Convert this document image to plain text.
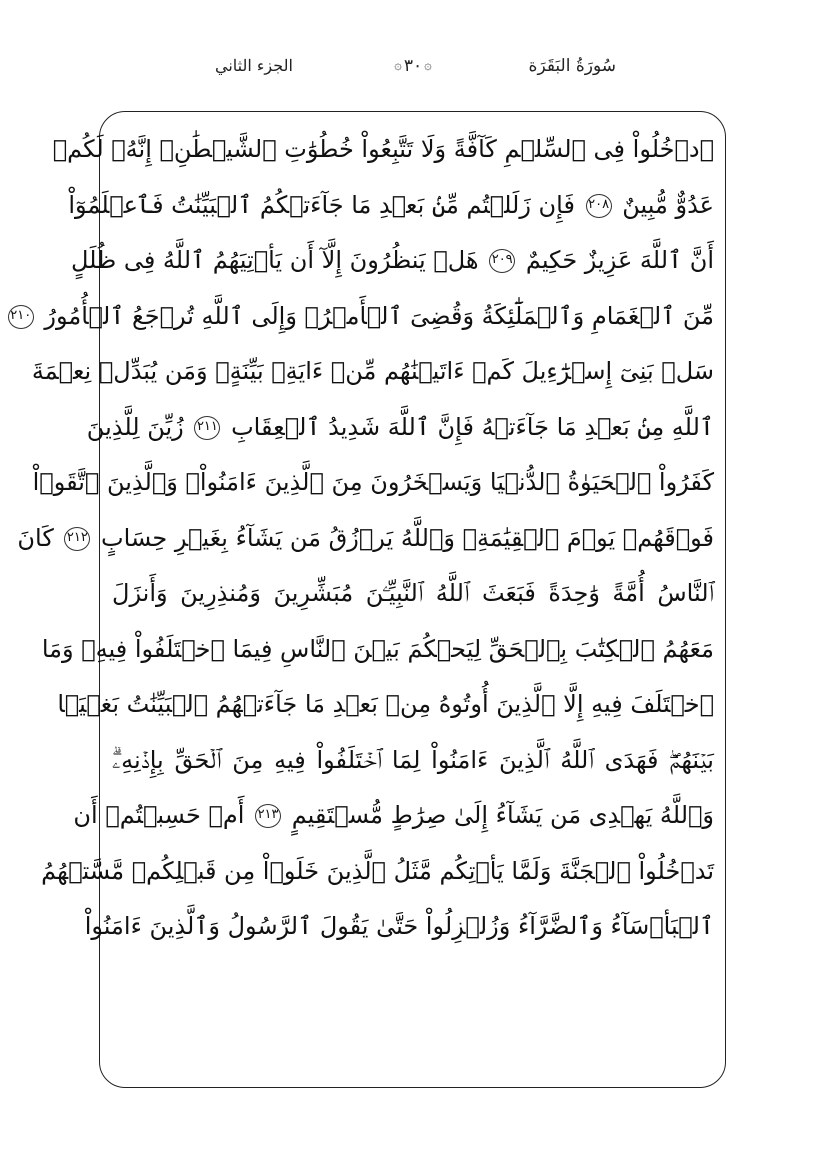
سُورَةُ البَقَرَة
۞٣٠۞
الجزء الثاني
ٱدۡخُلُواْ فِى ٱلسِّلۡمِ كَآفَّةً وَلَا تَتَّبِعُواْ خُطُوَٰتِ ٱلشَّيۡطَٰنِۚ إِنَّهُۥ لَكُمۡ
عَدُوٌّ مُّبِينٌ ٢٠٨ فَإِن زَلَلۡتُم مِّنۢ بَعۡدِ مَا جَآءَتۡكُمُ ٱلۡبَيِّنَٰتُ فَٱعۡلَمُوٓاْ
أَنَّ ٱللَّهَ عَزِيزٌ حَكِيمٌ ٢٠٩ هَلۡ يَنظُرُونَ إِلَّآ أَن يَأۡتِيَهُمُ ٱللَّهُ فِى ظُلَلٍ
مِّنَ ٱلۡغَمَامِ وَٱلۡمَلَٰٓئِكَةُ وَقُضِىَ ٱلۡأَمۡرُۚ وَإِلَى ٱللَّهِ تُرۡجَعُ ٱلۡأُمُورُ ٢١٠
سَلۡ بَنِىٓ إِسۡرَٰٓءِيلَ كَمۡ ءَاتَيۡنَٰهُم مِّنۡ ءَايَةِۭ بَيِّنَةٍۗ وَمَن يُبَدِّلۡ نِعۡمَةَ
ٱللَّهِ مِنۢ بَعۡدِ مَا جَآءَتۡهُ فَإِنَّ ٱللَّهَ شَدِيدُ ٱلۡعِقَابِ ٢١١ زُيِّنَ لِلَّذِينَ
كَفَرُواْ ٱلۡحَيَوٰةُ ٱلدُّنۡيَا وَيَسۡخَرُونَ مِنَ ٱلَّذِينَ ءَامَنُواْۘ وَٱلَّذِينَ ٱتَّقَوۡاْ
فَوۡقَهُمۡ يَوۡمَ ٱلۡقِيَٰمَةِۗ وَٱللَّهُ يَرۡزُقُ مَن يَشَآءُ بِغَيۡرِ حِسَابٍ ٢١٢ كَانَ
ٱلنَّاسُ أُمَّةً وَٰحِدَةً فَبَعَثَ ٱللَّهُ ٱلنَّبِيِّـۧنَ مُبَشِّرِينَ وَمُنذِرِينَ وَأَنزَلَ
مَعَهُمُ ٱلۡكِتَٰبَ بِٱلۡحَقِّ لِيَحۡكُمَ بَيۡنَ ٱلنَّاسِ فِيمَا ٱخۡتَلَفُواْ فِيهِۚ وَمَا
ٱخۡتَلَفَ فِيهِ إِلَّا ٱلَّذِينَ أُوتُوهُ مِنۢ بَعۡدِ مَا جَآءَتۡهُمُ ٱلۡبَيِّنَٰتُ بَغۡيَۢا
بَيۡنَهُمۡۖ فَهَدَى ٱللَّهُ ٱلَّذِينَ ءَامَنُواْ لِمَا ٱخۡتَلَفُواْ فِيهِ مِنَ ٱلۡحَقِّ بِإِذۡنِهِۦۗ
وَٱللَّهُ يَهۡدِى مَن يَشَآءُ إِلَىٰ صِرَٰطٍ مُّسۡتَقِيمٍ ٢١٣ أَمۡ حَسِبۡتُمۡ أَن
تَدۡخُلُواْ ٱلۡجَنَّةَ وَلَمَّا يَأۡتِكُم مَّثَلُ ٱلَّذِينَ خَلَوۡاْ مِن قَبۡلِكُمۖ مَّسَّتۡهُمُ
ٱلۡبَأۡسَآءُ وَٱلضَّرَّآءُ وَزُلۡزِلُواْ حَتَّىٰ يَقُولَ ٱلرَّسُولُ وَٱلَّذِينَ ءَامَنُواْ
